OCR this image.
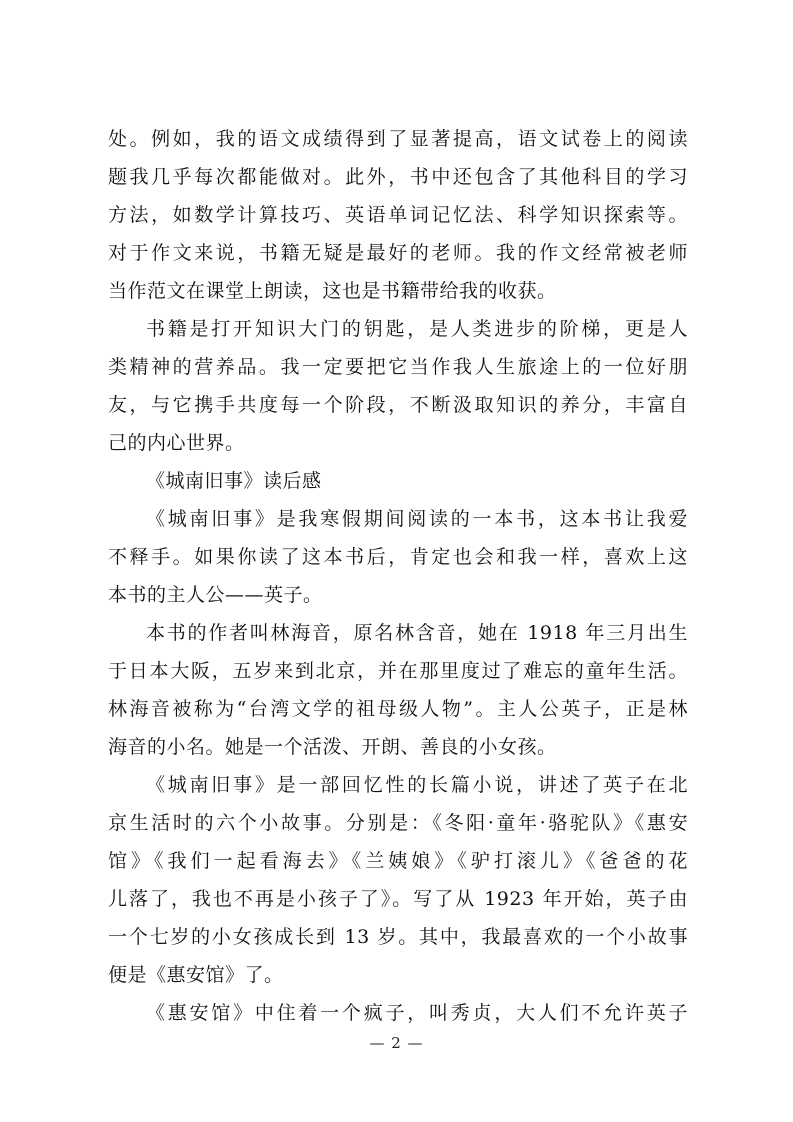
处。例如，我的语文成绩得到了显著提高，语文试卷上的阅读
题我几乎每次都能做对。此外，书中还包含了其他科目的学习
方法，如数学计算技巧、英语单词记忆法、科学知识探索等。
对于作文来说，书籍无疑是最好的老师。我的作文经常被老师
当作范文在课堂上朗读，这也是书籍带给我的收获。
书籍是打开知识大门的钥匙，是人类进步的阶梯，更是人
类精神的营养品。我一定要把它当作我人生旅途上的一位好朋
友，与它携手共度每一个阶段，不断汲取知识的养分，丰富自
己的内心世界。
《城南旧事》读后感
《城南旧事》是我寒假期间阅读的一本书，这本书让我爱
不释手。如果你读了这本书后，肯定也会和我一样，喜欢上这
本书的主人公——英子。
本书的作者叫林海音，原名林含音，她在 1918 年三月出生
于日本大阪，五岁来到北京，并在那里度过了难忘的童年生活。
林海音被称为“台湾文学的祖母级人物”。主人公英子，正是林
海音的小名。她是一个活泼、开朗、善良的小女孩。
《城南旧事》是一部回忆性的长篇小说，讲述了英子在北
京生活时的六个小故事。分别是：《冬阳·童年·骆驼队》《惠安
馆》《我们一起看海去》《兰姨娘》《驴打滚儿》《爸爸的花
儿落了，我也不再是小孩子了》。写了从 1923 年开始，英子由
一个七岁的小女孩成长到 13 岁。其中，我最喜欢的一个小故事
便是《惠安馆》了。
《惠安馆》中住着一个疯子，叫秀贞，大人们不允许英子
— 2 —
